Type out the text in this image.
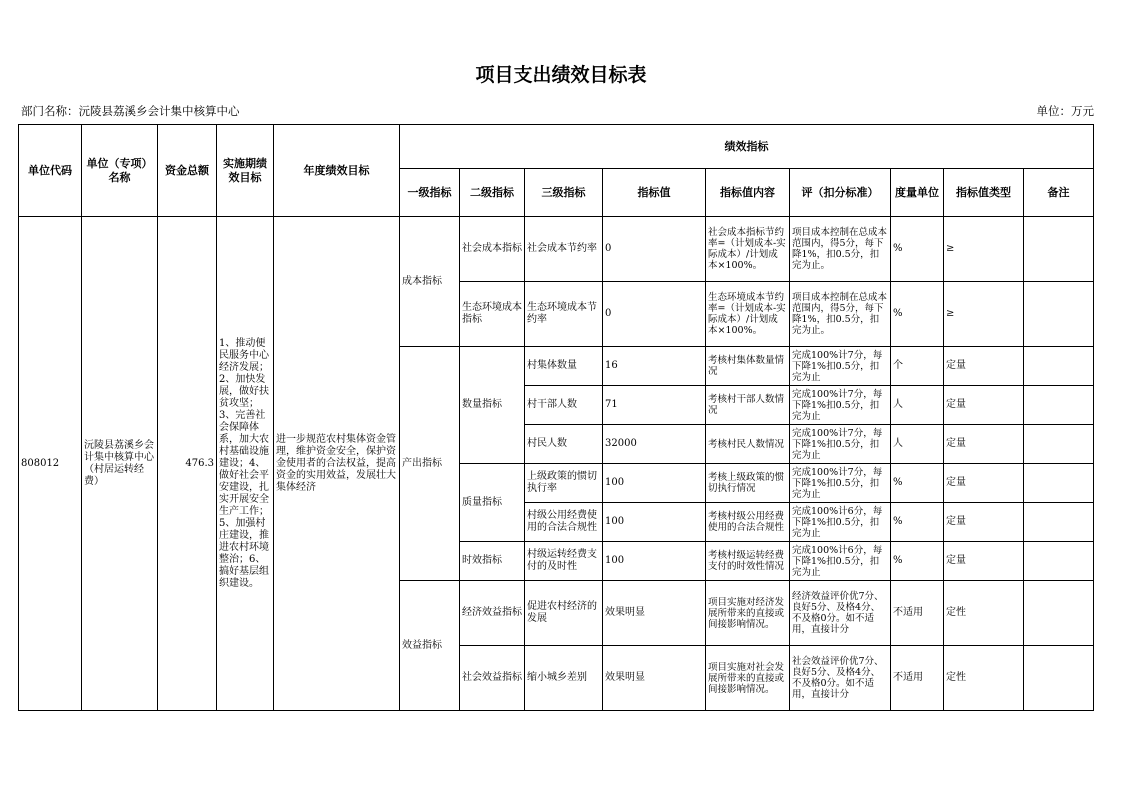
项目支出绩效目标表
部门名称：沅陵县荔溪乡会计集中核算中心	单位：万元
单位代码	单位（专项）名称	资金总额	实施期绩效目标	年度绩效目标	绩效指标								
					一级指标	二级指标	三级指标	指标值	指标值内容	评（扣分标准）	度量单位	指标值类型	备注
808012	沅陵县荔溪乡会计集中核算中心（村居运转经费）	476.3	1、推动便民服务中心经济发展；2、加快发展，做好扶贫攻坚；3、完善社会保障体系，加大农村基础设施建设；4、做好社会平安建设，扎实开展安全生产工作；5、加强村庄建设，推进农村环境整治；6、搞好基层组织建设。	进一步规范农村集体资金管理，维护资金安全，保护资金使用者的合法权益，提高资金的实用效益，发展壮大集体经济	成本指标	社会成本指标	社会成本节约率	0	社会成本指标节约率=（计划成本-实际成本）/计划成本×100%。	项目成本控制在总成本范围内，得5分，每下降1%，扣0.5分，扣完为止。	%	≥	
						生态环境成本指标	生态环境成本节约率	0	生态环境成本节约率=（计划成本-实际成本）/计划成本×100%。	项目成本控制在总成本范围内，得5分，每下降1%，扣0.5分，扣完为止。	%	≥	
					产出指标	数量指标	村集体数量	16	考核村集体数量情况	完成100%计7分，每下降1%扣0.5分，扣完为止	个	定量	
							村干部人数	71	考核村干部人数情况	完成100%计7分，每下降1%扣0.5分，扣完为止	人	定量	
							村民人数	32000	考核村民人数情况	完成100%计7分，每下降1%扣0.5分，扣完为止	人	定量	
						质量指标	上级政策的惯切执行率	100	考核上级政策的惯切执行情况	完成100%计7分，每下降1%扣0.5分，扣完为止	%	定量	
							村级公用经费使用的合法合规性	100	考核村级公用经费使用的合法合规性	完成100%计6分，每下降1%扣0.5分，扣完为止	%	定量	
						时效指标	村级运转经费支付的及时性	100	考核村级运转经费支付的时效性情况	完成100%计6分，每下降1%扣0.5分，扣完为止	%	定量	
					效益指标	经济效益指标	促进农村经济的发展	效果明显	项目实施对经济发展所带来的直接或间接影响情况。	经济效益评价优7分、良好5分、及格4分、不及格0分。如不适用，直接计分	不适用	定性	
						社会效益指标	缩小城乡差别	效果明显	项目实施对社会发展所带来的直接或间接影响情况。	社会效益评价优7分、良好5分、及格4分、不及格0分。如不适用，直接计分	不适用	定性	
